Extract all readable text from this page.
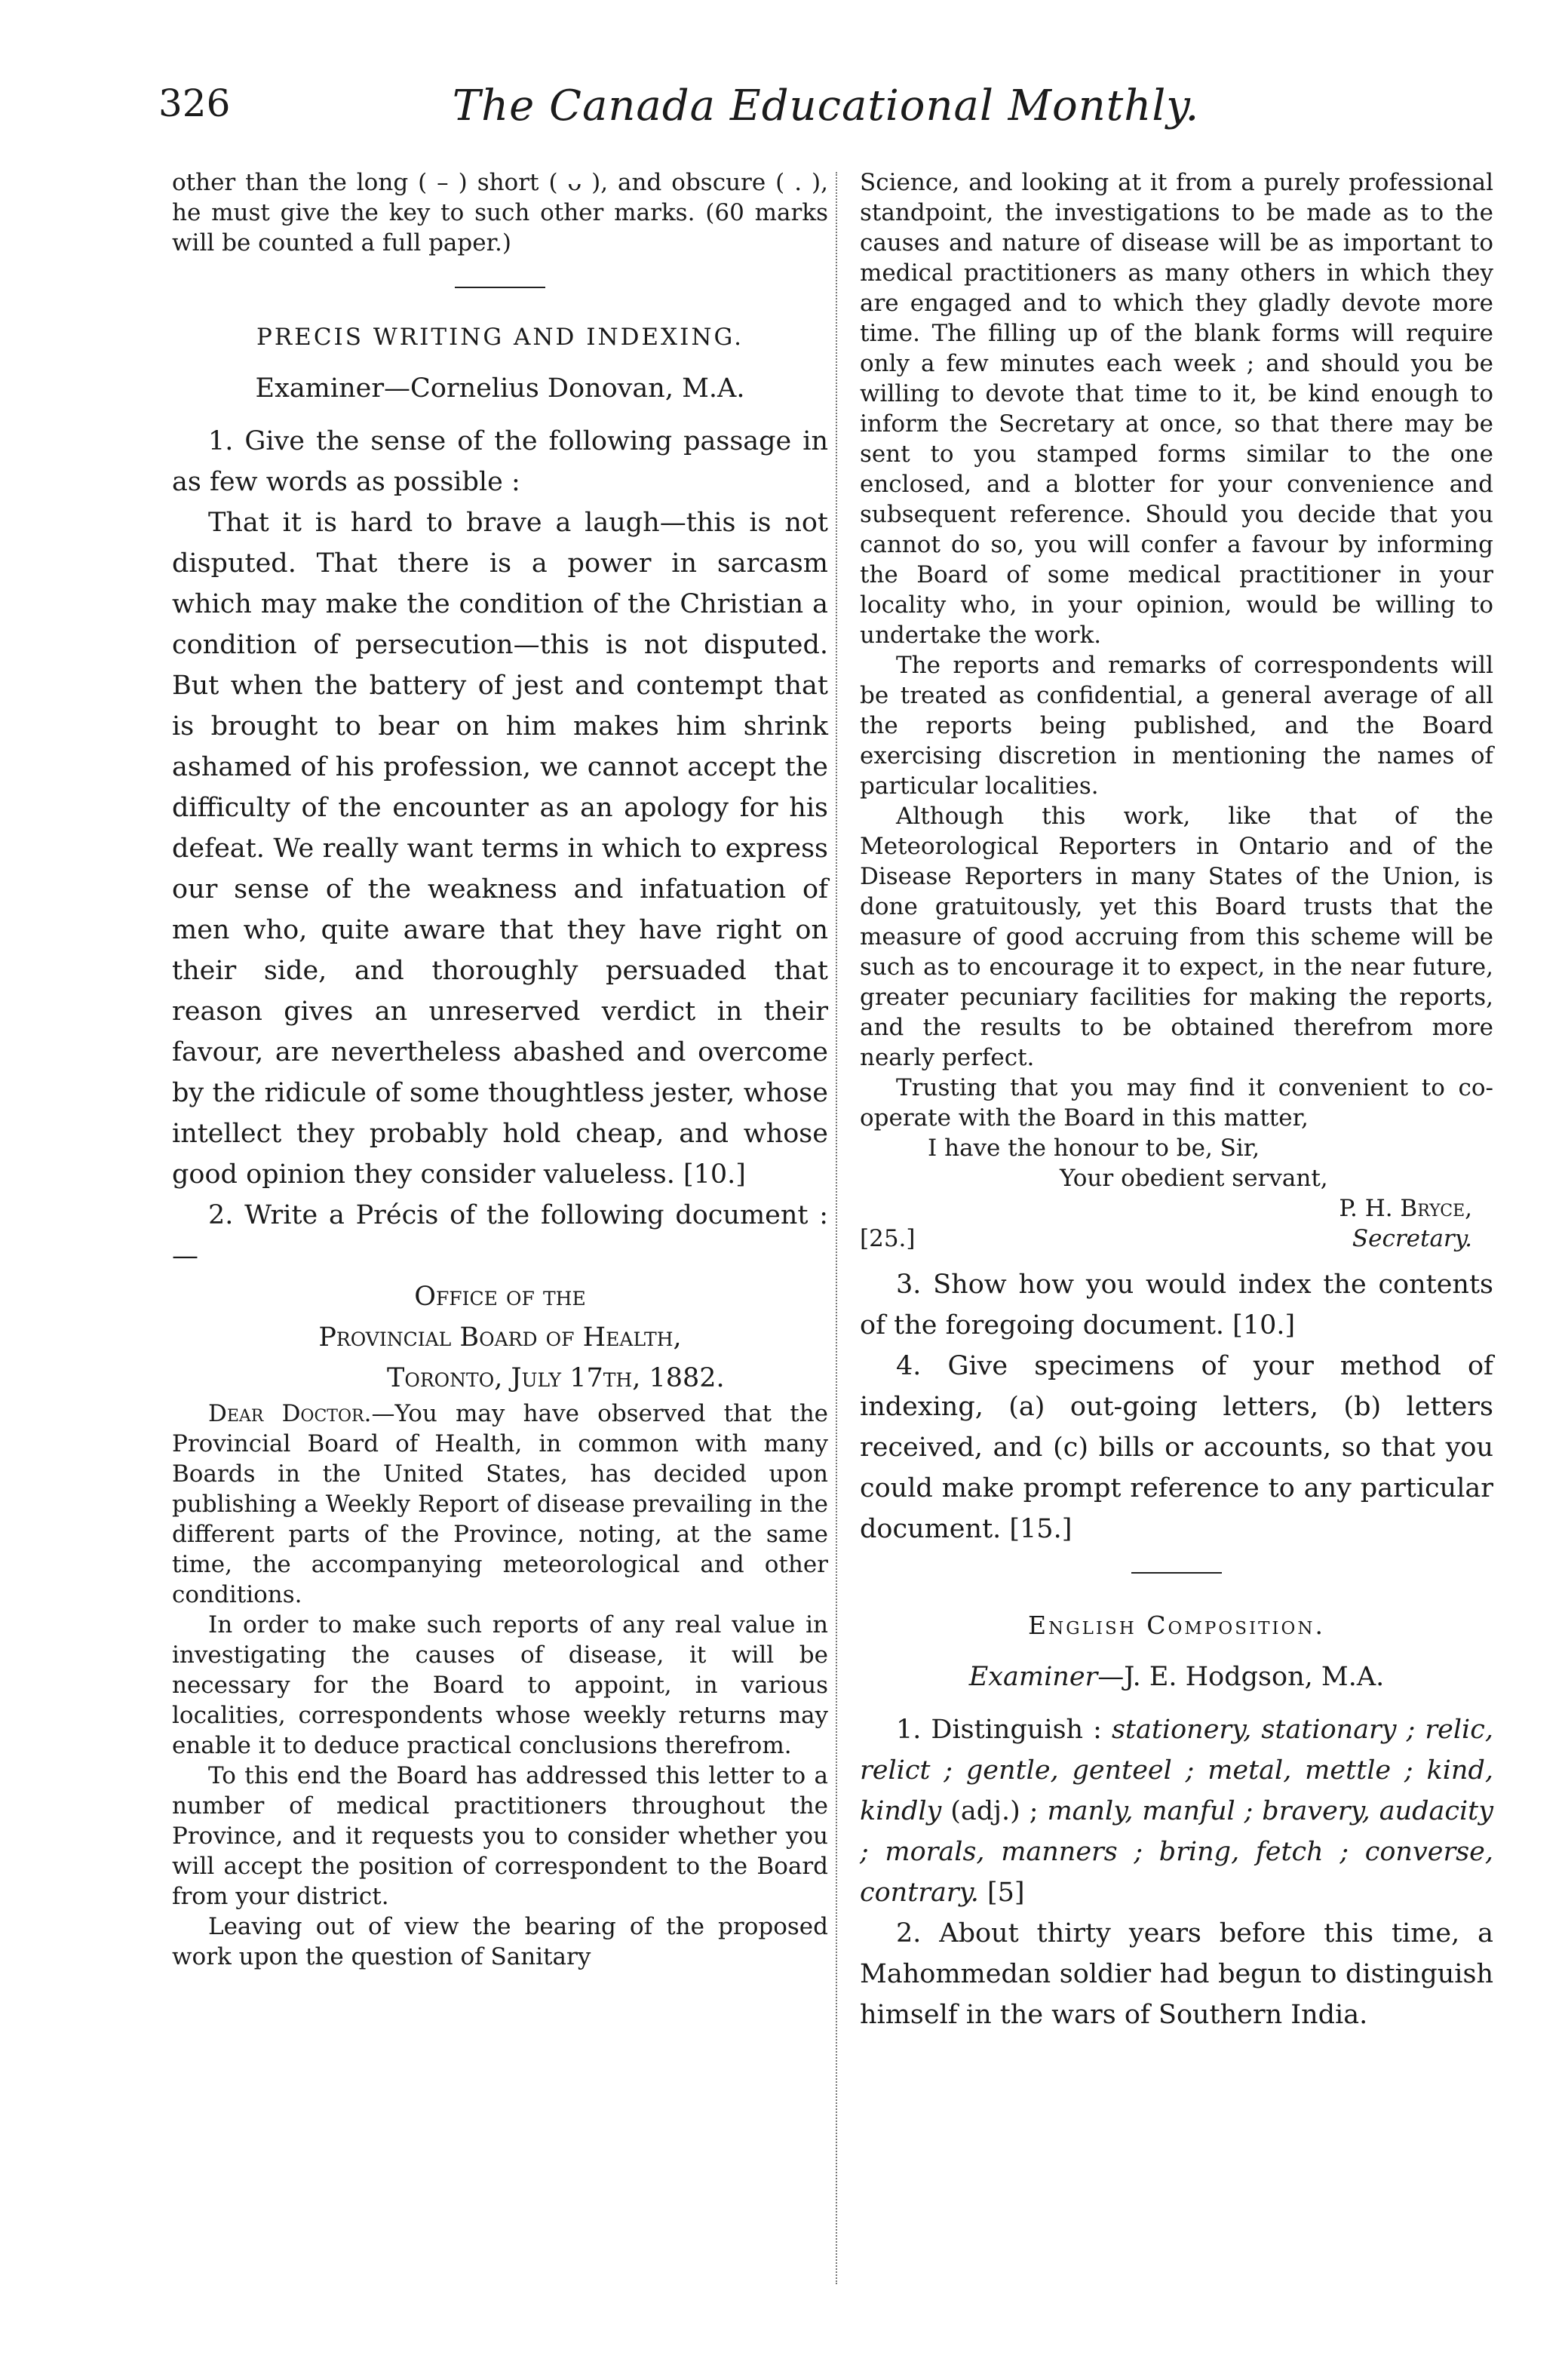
326	The Canada Educational Monthly.

other than the long ( – ) short ( ᴗ ), and obscure ( . ), he must give the key to such other marks. (60 marks will be counted a full paper.)

PRECIS WRITING AND INDEXING.
Examiner—Cornelius Donovan, M.A.

1. Give the sense of the following passage in as few words as possible :

That it is hard to brave a laugh—this is not disputed. That there is a power in sarcasm which may make the condition of the Christian a condition of persecution—this is not disputed. But when the battery of jest and contempt that is brought to bear on him makes him shrink ashamed of his profession, we cannot accept the difficulty of the encounter as an apology for his defeat. We really want terms in which to express our sense of the weakness and infatuation of men who, quite aware that they have right on their side, and thoroughly persuaded that reason gives an unreserved verdict in their favour, are nevertheless abashed and overcome by the ridicule of some thoughtless jester, whose intellect they probably hold cheap, and whose good opinion they consider valueless. [10.]

2. Write a Précis of the following document :—

Office of the
Provincial Board of Health,
Toronto, July 17th, 1882.

Dear Doctor.—You may have observed that the Provincial Board of Health, in common with many Boards in the United States, has decided upon publishing a Weekly Report of disease prevailing in the different parts of the Province, noting, at the same time, the accompanying meteorological and other conditions.

In order to make such reports of any real value in investigating the causes of disease, it will be necessary for the Board to appoint, in various localities, correspondents whose weekly returns may enable it to deduce practical conclusions therefrom.

To this end the Board has addressed this letter to a number of medical practitioners throughout the Province, and it requests you to consider whether you will accept the position of correspondent to the Board from your district.

Leaving out of view the bearing of the proposed work upon the question of Sanitary

Science, and looking at it from a purely professional standpoint, the investigations to be made as to the causes and nature of disease will be as important to medical practitioners as many others in which they are engaged and to which they gladly devote more time. The filling up of the blank forms will require only a few minutes each week ; and should you be willing to devote that time to it, be kind enough to inform the Secretary at once, so that there may be sent to you stamped forms similar to the one enclosed, and a blotter for your convenience and subsequent reference. Should you decide that you cannot do so, you will confer a favour by informing the Board of some medical practitioner in your locality who, in your opinion, would be willing to undertake the work.

The reports and remarks of correspondents will be treated as confidential, a general average of all the reports being published, and the Board exercising discretion in mentioning the names of particular localities.

Although this work, like that of the Meteorological Reporters in Ontario and of the Disease Reporters in many States of the Union, is done gratuitously, yet this Board trusts that the measure of good accruing from this scheme will be such as to encourage it to expect, in the near future, greater pecuniary facilities for making the reports, and the results to be obtained therefrom more nearly perfect.

Trusting that you may find it convenient to co-operate with the Board in this matter,

I have the honour to be, Sir,
Your obedient servant,
P. H. Bryce,
[25.]	Secretary.

3. Show how you would index the contents of the foregoing document. [10.]

4. Give specimens of your method of indexing, (a) out-going letters, (b) letters received, and (c) bills or accounts, so that you could make prompt reference to any particular document. [15.]

English Composition.
Examiner—J. E. Hodgson, M.A.

1. Distinguish : stationery, stationary ; relic, relict ; gentle, genteel ; metal, mettle ; kind, kindly (adj.) ; manly, manful ; bravery, audacity ; morals, manners ; bring, fetch ; converse, contrary. [5]

2. About thirty years before this time, a Mahommedan soldier had begun to distinguish himself in the wars of Southern India.
